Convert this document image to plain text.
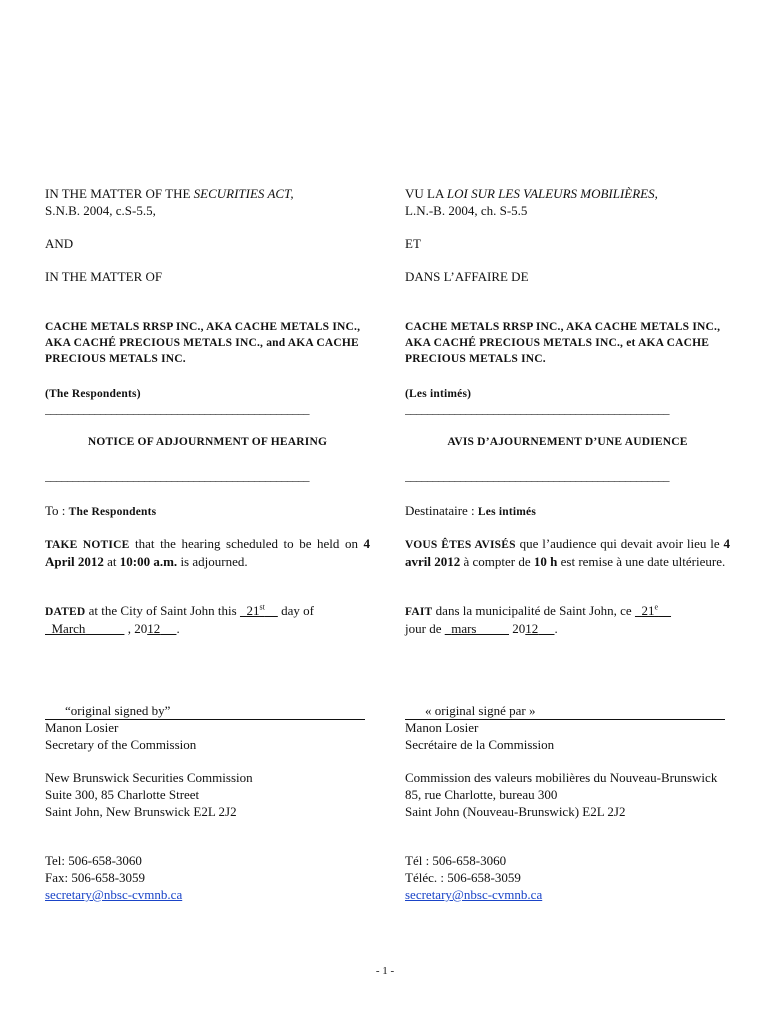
IN THE MATTER OF THE SECURITIES ACT,
S.N.B. 2004, c.S-5.5,
AND
IN THE MATTER OF
CACHE METALS RRSP INC., AKA CACHE METALS INC., AKA CACHÉ PRECIOUS METALS INC., and AKA CACHE PRECIOUS METALS INC.
(The Respondents)
________________________________________________
NOTICE OF ADJOURNMENT OF HEARING
________________________________________________
To : The Respondents
TAKE NOTICE that the hearing scheduled to be held on 4 April 2012 at 10:00 a.m. is adjourned.
DATED at the City of Saint John this   21st     day of
March	, 2012 .
“original signed by”
Manon Losier
Secretary of the Commission
New Brunswick Securities Commission
Suite 300, 85 Charlotte Street
Saint John, New Brunswick E2L 2J2
Tel: 506-658-3060
Fax: 506-658-3059
secretary@nbsc-cvmnb.ca
VU LA LOI SUR LES VALEURS MOBILIÈRES,
L.N.-B. 2004, ch. S-5.5
ET
DANS L’AFFAIRE DE
CACHE METALS RRSP INC., AKA CACHE METALS INC., AKA CACHÉ PRECIOUS METALS INC., et AKA CACHE PRECIOUS METALS INC.
(Les intimés)
________________________________________________
AVIS D’AJOURNEMENT D’UNE AUDIENCE
________________________________________________
Destinataire : Les intimés
VOUS ÊTES AVISÉS que l’audience qui devait avoir lieu le 4 avril 2012 à compter de 10 h est remise à une date ultérieure.
FAIT dans la municipalité de Saint John, ce   21e
jour de   mars	2012 .
« original signé par »
Manon Losier
Secrétaire de la Commission
Commission des valeurs mobilières du Nouveau-Brunswick
85, rue Charlotte, bureau 300
Saint John (Nouveau-Brunswick) E2L 2J2
Tél : 506-658-3060
Téléc. : 506-658-3059
secretary@nbsc-cvmnb.ca
- 1 -
